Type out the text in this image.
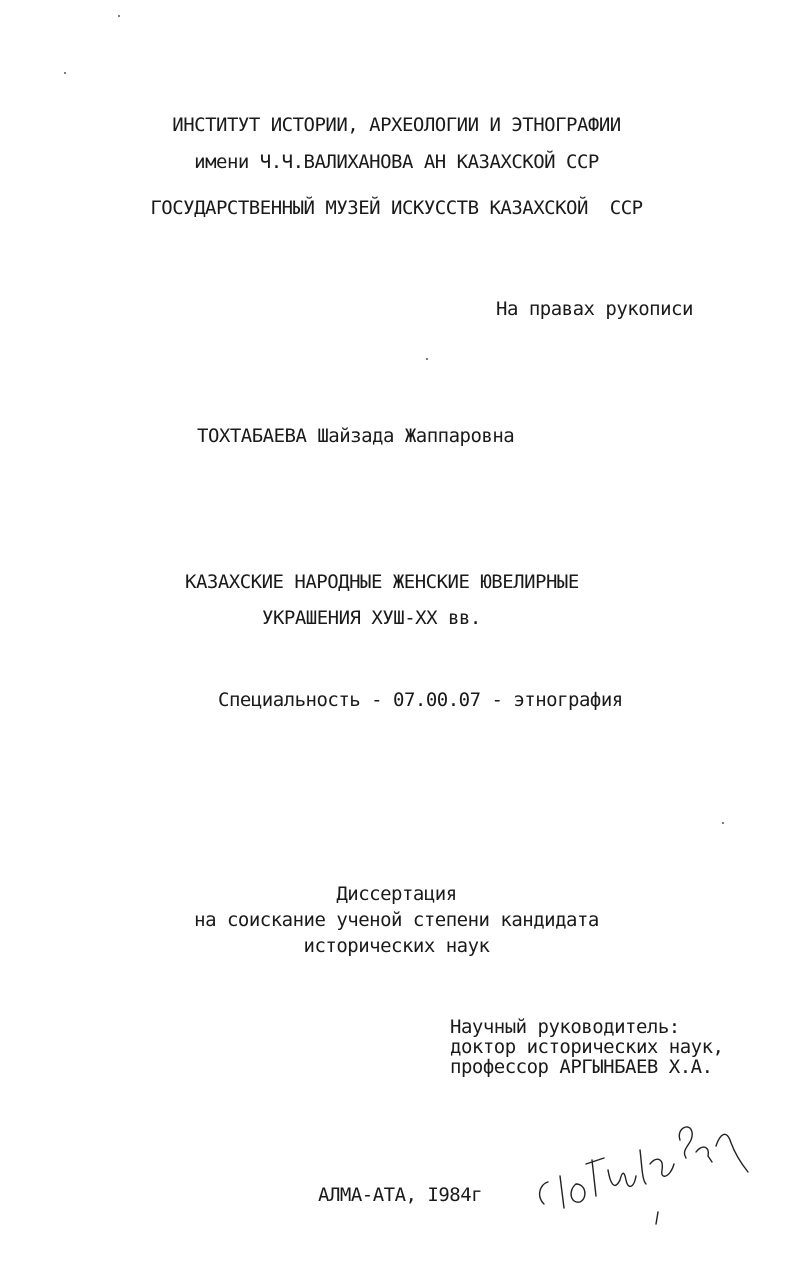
ИНСТИТУТ ИСТОРИИ, АРХЕОЛОГИИ И ЭТНОГРАФИИ
имени Ч.Ч.ВАЛИХАНОВА АН КАЗАХСКОЙ ССР
ГОСУДАРСТВЕННЫЙ МУЗЕЙ ИСКУССТВ КАЗАХСКОЙ  ССР
На правах рукописи
ТОХТАБАЕВА Шайзада Жаппаровна
КАЗАХСКИЕ НАРОДНЫЕ ЖЕНСКИЕ ЮВЕЛИРНЫЕ
УКРАШЕНИЯ ХУШ-ХХ вв.
Специальность - 07.00.07 - этнография
Диссертация
на соискание ученой степени кандидата
исторических наук
Научный руководитель:
доктор исторических наук,
профессор АРГЫНБАЕВ Х.А.
АЛМА-АТА, I984г
